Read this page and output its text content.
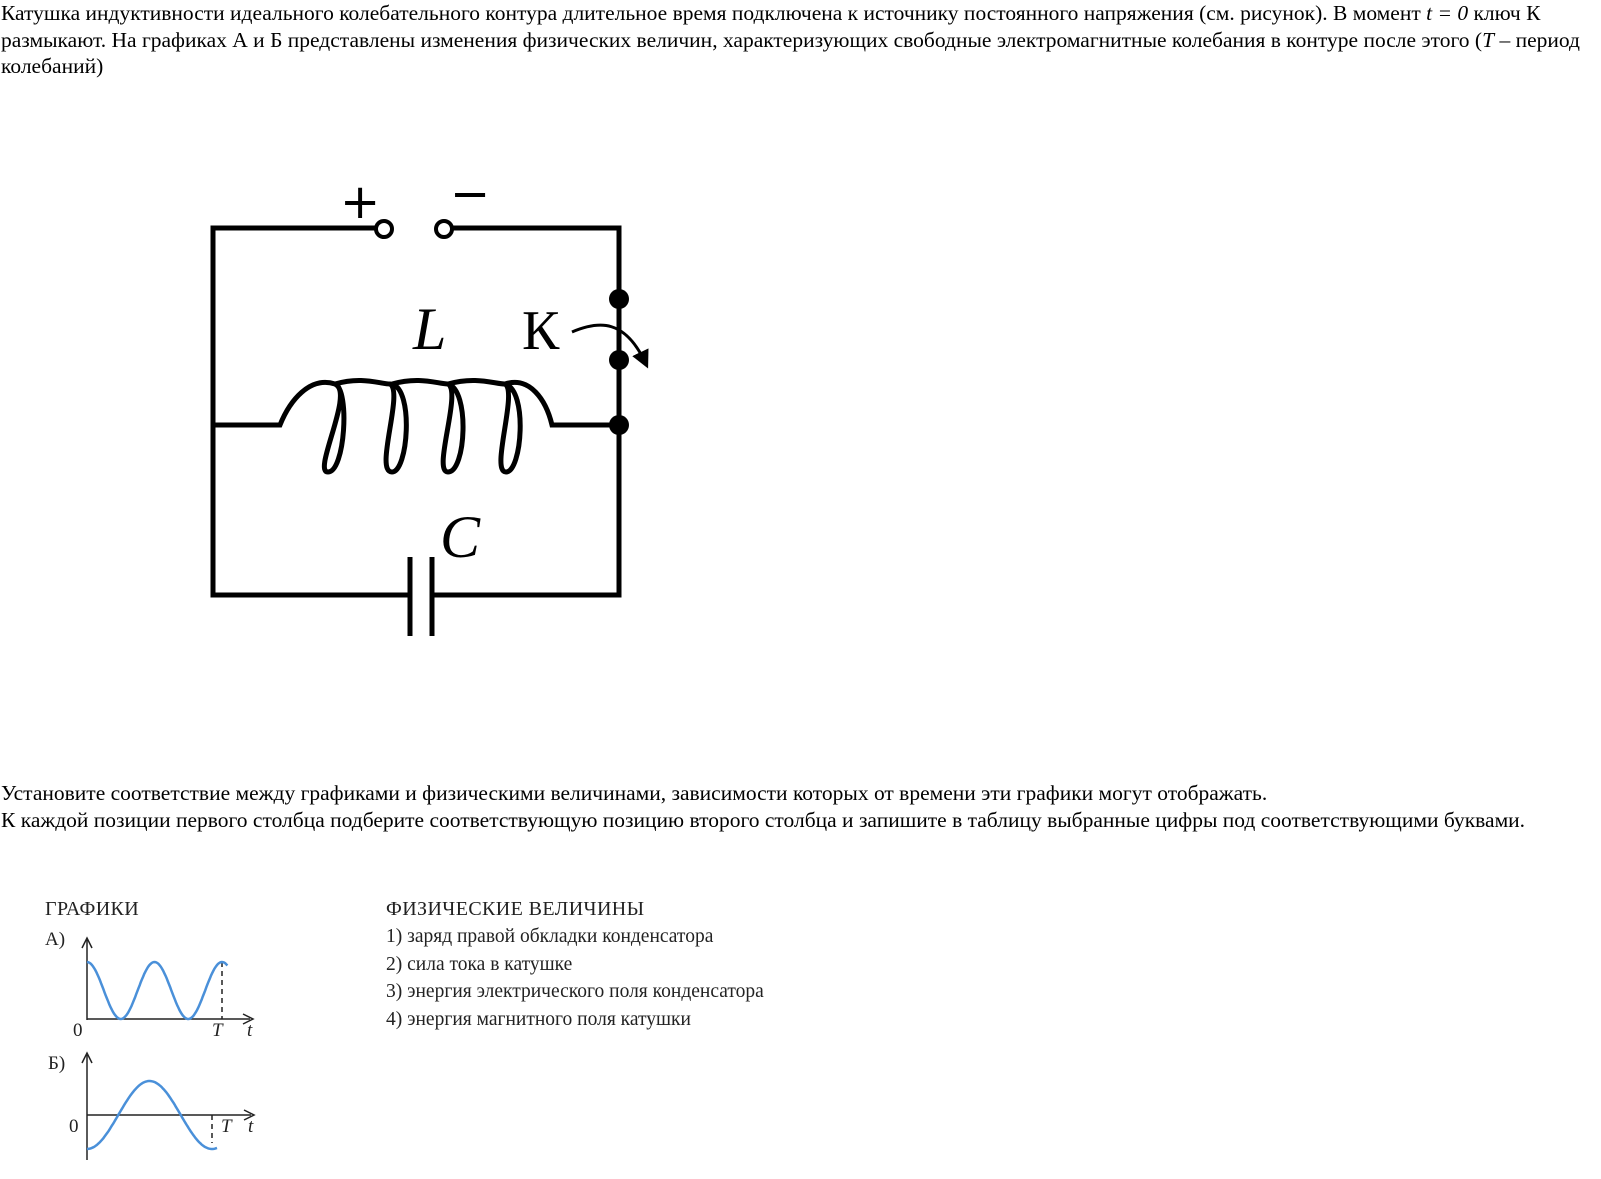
Катушка индуктивности идеального колебательного контура длительное время подключена к источнику постоянного напряжения (см. рисунок). В момент t = 0 ключ К размыкают. На графиках А и Б представлены изменения физических величин, характеризующих свободные электромагнитные колебания в контуре после этого (T – период колебаний)

+ −
L К
C

Установите соответствие между графиками и физическими величинами, зависимости которых от времени эти графики могут отображать.
К каждой позиции первого столбца подберите соответствующую позицию второго столбца и запишите в таблицу выбранные цифры под соответствующими буквами.

ГРАФИКИ	ФИЗИЧЕСКИЕ ВЕЛИЧИНЫ
А)
0	T t
Б)
0	T t
1) заряд правой обкладки конденсатора
2) сила тока в катушке
3) энергия электрического поля конденсатора
4) энергия магнитного поля катушки
